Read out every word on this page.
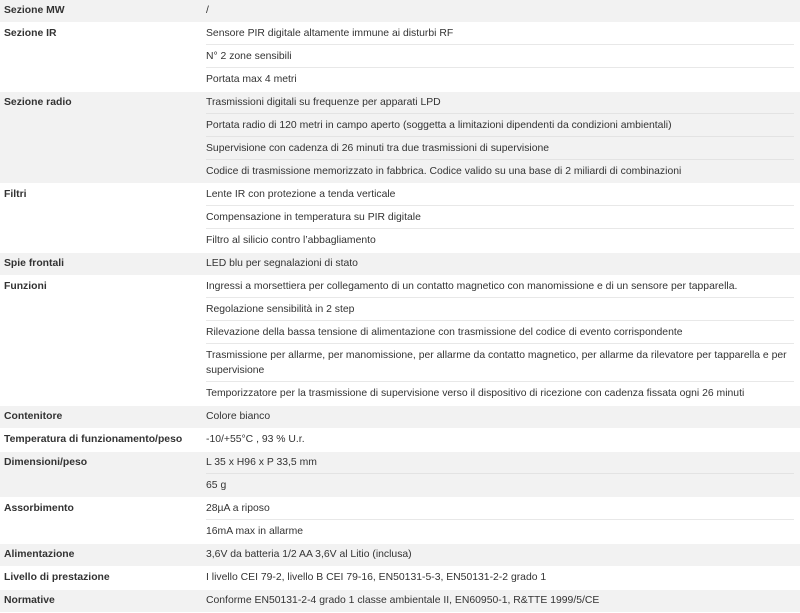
Sezione MW	/

Sezione IR	Sensore PIR digitale altamente immune ai disturbi RF
N° 2 zone sensibili
Portata max 4 metri

Sezione radio	Trasmissioni digitali su frequenze per apparati LPD
Portata radio di 120 metri in campo aperto (soggetta a limitazioni dipendenti da condizioni ambientali)
Supervisione con cadenza di 26 minuti tra due trasmissioni di supervisione
Codice di trasmissione memorizzato in fabbrica. Codice valido su una base di 2 miliardi di combinazioni

Filtri	Lente IR con protezione a tenda verticale
Compensazione in temperatura su PIR digitale
Filtro al silicio contro l’abbagliamento

Spie frontali	LED blu per segnalazioni di stato

Funzioni	Ingressi a morsettiera per collegamento di un contatto magnetico con manomissione e di un sensore per tapparella.
Regolazione sensibilità in 2 step
Rilevazione della bassa tensione di alimentazione con trasmissione del codice di evento corrispondente
Trasmissione per allarme, per manomissione, per allarme da contatto magnetico, per allarme da rilevatore per tapparella e per supervisione
Temporizzatore per la trasmissione di supervisione verso il dispositivo di ricezione con cadenza fissata ogni 26 minuti

Contenitore	Colore bianco

Temperatura di funzionamento/peso	-10/+55°C , 93 % U.r.

Dimensioni/peso	L 35 x H96 x P 33,5 mm
65 g

Assorbimento	28µA a riposo
16mA max in allarme

Alimentazione	3,6V da batteria 1/2 AA 3,6V al Litio (inclusa)

Livello di prestazione	I livello CEI 79-2, livello B CEI 79-16, EN50131-5-3, EN50131-2-2 grado 1

Normative	Conforme EN50131-2-4 grado 1 classe ambientale II, EN60950-1, R&TTE 1999/5/CE
